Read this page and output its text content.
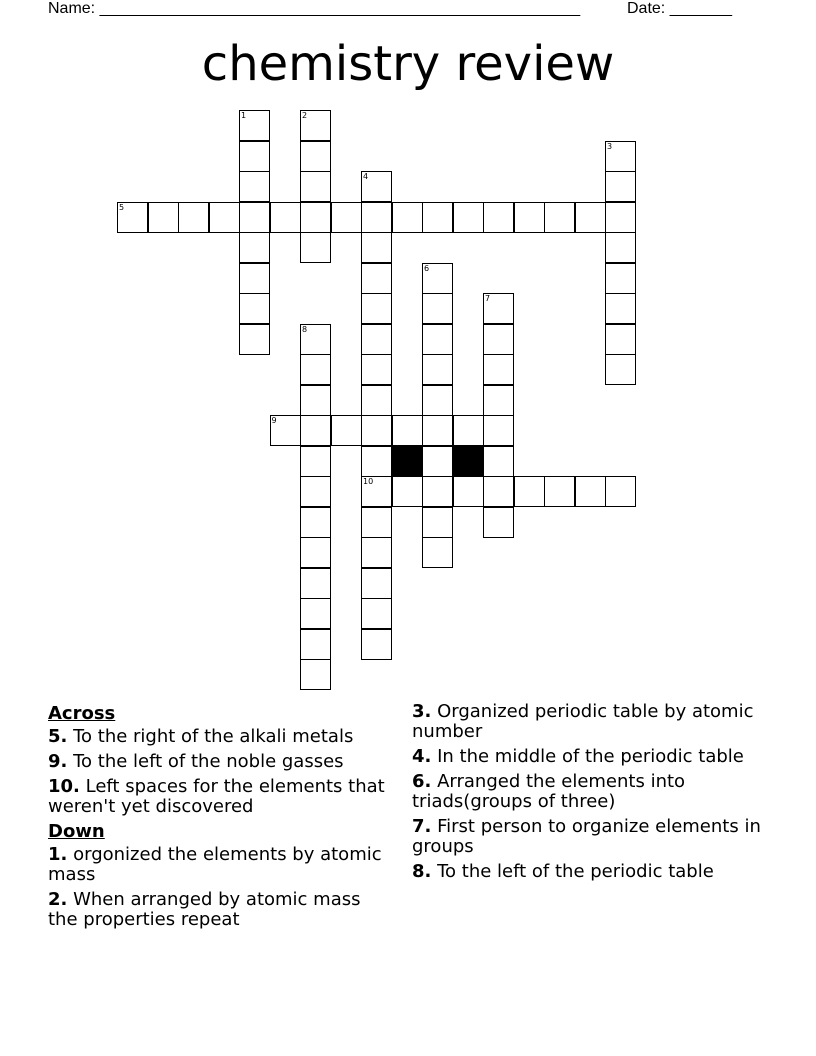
Name: ______________________________________________________	Date: _______
chemistry review
1	2
3
4
5
6
7
8
9
10
Across
5. To the right of the alkali metals
9. To the left of the noble gasses
10. Left spaces for the elements that weren't yet discovered
Down
1. orgonized the elements by atomic mass
2. When arranged by atomic mass the properties repeat
3. Organized periodic table by atomic number
4. In the middle of the periodic table
6. Arranged the elements into triads(groups of three)
7. First person to organize elements in groups
8. To the left of the periodic table
